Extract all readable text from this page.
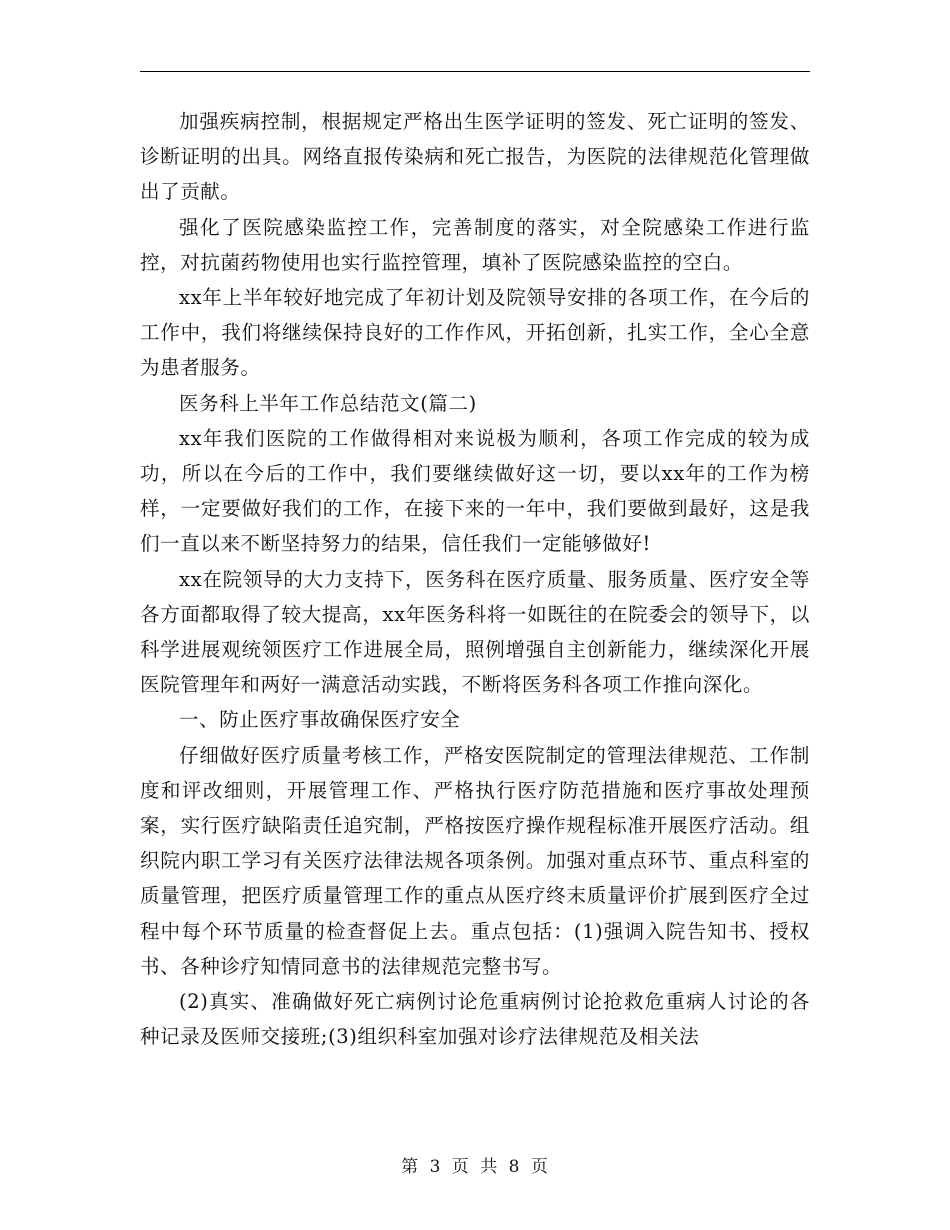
加强疾病控制，根据规定严格出生医学证明的签发、死亡证明的签发、诊断证明的出具。网络直报传染病和死亡报告，为医院的法律规范化管理做出了贡献。

强化了医院感染监控工作，完善制度的落实，对全院感染工作进行监控，对抗菌药物使用也实行监控管理，填补了医院感染监控的空白。

xx年上半年较好地完成了年初计划及院领导安排的各项工作，在今后的工作中，我们将继续保持良好的工作作风，开拓创新，扎实工作，全心全意为患者服务。

医务科上半年工作总结范文(篇二)

xx年我们医院的工作做得相对来说极为顺利，各项工作完成的较为成功，所以在今后的工作中，我们要继续做好这一切，要以xx年的工作为榜样，一定要做好我们的工作，在接下来的一年中，我们要做到最好，这是我们一直以来不断坚持努力的结果，信任我们一定能够做好!

xx在院领导的大力支持下，医务科在医疗质量、服务质量、医疗安全等各方面都取得了较大提高，xx年医务科将一如既往的在院委会的领导下，以科学进展观统领医疗工作进展全局，照例增强自主创新能力，继续深化开展医院管理年和两好一满意活动实践，不断将医务科各项工作推向深化。

一、防止医疗事故确保医疗安全

仔细做好医疗质量考核工作，严格安医院制定的管理法律规范、工作制度和评改细则，开展管理工作、严格执行医疗防范措施和医疗事故处理预案，实行医疗缺陷责任追究制，严格按医疗操作规程标准开展医疗活动。组织院内职工学习有关医疗法律法规各项条例。加强对重点环节、重点科室的质量管理，把医疗质量管理工作的重点从医疗终末质量评价扩展到医疗全过程中每个环节质量的检查督促上去。重点包括：(1)强调入院告知书、授权书、各种诊疗知情同意书的法律规范完整书写。

(2)真实、准确做好死亡病例讨论危重病例讨论抢救危重病人讨论的各种记录及医师交接班;(3)组织科室加强对诊疗法律规范及相关法

第 3 页 共 8 页
